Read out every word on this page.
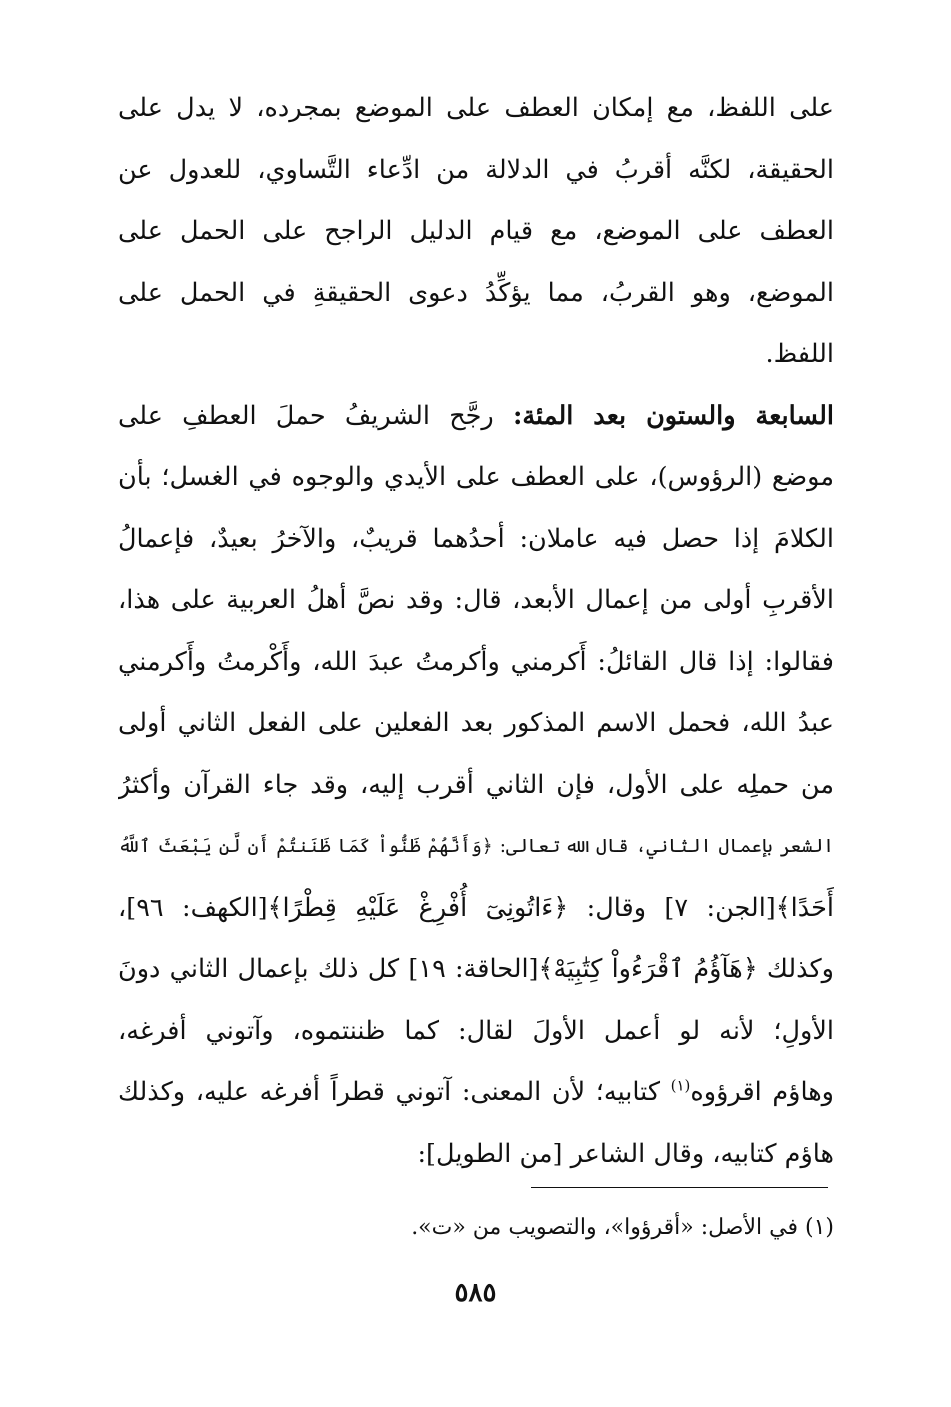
على اللفظ، مع إمكان العطف على الموضع بمجرده، لا يدل على
الحقيقة، لكنَّه أقربُ في الدلالة من ادِّعاء التَّساوي، للعدول عن
العطف على الموضع، مع قيام الدليل الراجح على الحمل على
الموضع، وهو القربُ، مما يؤكِّدُ دعوى الحقيقةِ في الحمل على
اللفظ.
السابعة والستون بعد المئة: رجَّح الشريفُ حملَ العطفِ على
موضع (الرؤوس)، على العطف على الأيدي والوجوه في الغسل؛ بأن
الكلامَ إذا حصل فيه عاملان: أحدُهما قريبٌ، والآخرُ بعيدٌ، فإعمالُ
الأقربِ أولى من إعمال الأبعد، قال: وقد نصَّ أهلُ العربية على هذا،
فقالوا: إذا قال القائلُ: أَكرمني وأكرمتُ عبدَ الله، وأَكْرمتُ وأَكرمني
عبدُ الله، فحمل الاسم المذكور بعد الفعلين على الفعل الثاني أولى
من حملِه على الأول، فإن الثاني أقرب إليه، وقد جاء القرآن وأكثرُ
الشعر بإعمال الثاني، قال الله تعالى: ﴿وَأَنَّهُمْ ظَنُّواْ كَمَا ظَنَنتُمْ أَن لَّن يَبْعَثَ ٱللَّهُ
أَحَدًا﴾[الجن: ٧] وقال: ﴿ءَاتُونِىٓ أُفْرِغْ عَلَيْهِ قِطْرًا﴾[الكهف: ٩٦]،
وكذلك ﴿هَآؤُمُ ٱقْرَءُواْ كِتَٰبِيَهْ﴾[الحاقة: ١٩] كل ذلك بإعمال الثاني دونَ
الأولِ؛ لأنه لو أعمل الأولَ لقال: كما ظننتموه، وآتوني أفرغه،
وهاؤم اقرؤوه$^{(١)}$ كتابيه؛ لأن المعنى: آتوني قطراً أفرغه عليه، وكذلك
هاؤم كتابيه، وقال الشاعر [من الطويل]:
(١) في الأصل: «أقرؤوا»، والتصويب من «ت».
٥٨٥
